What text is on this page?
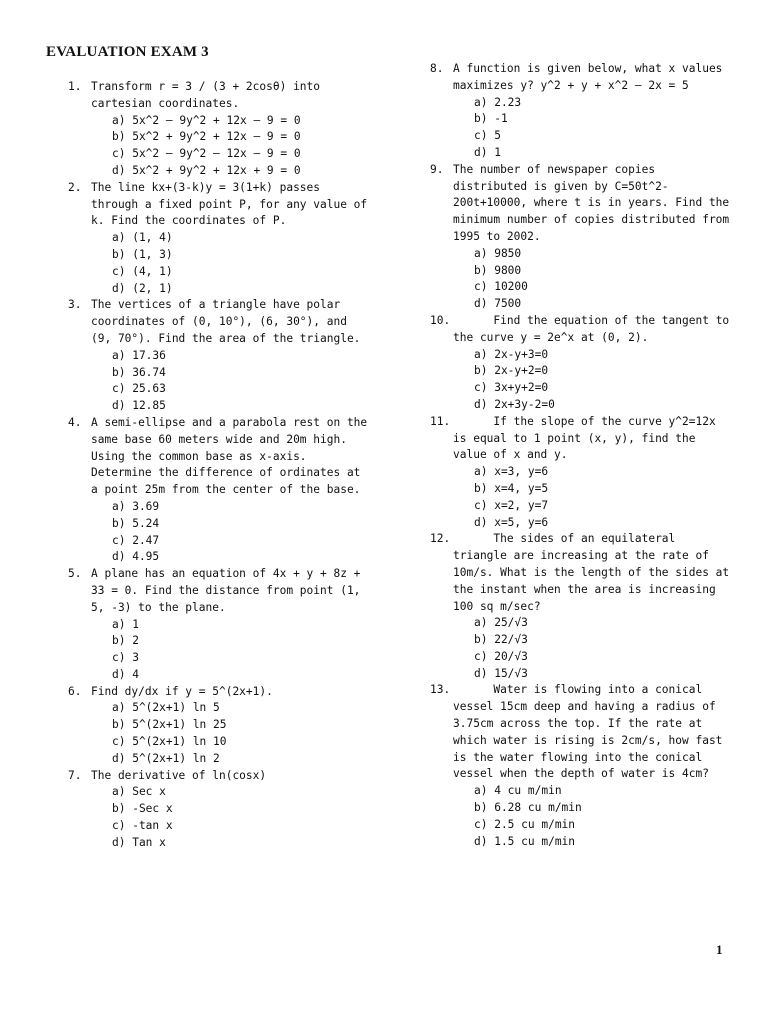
EVALUATION EXAM 3
1. Transform r = 3 / (3 + 2cosθ) into cartesian coordinates.
a) 5x^2 – 9y^2 + 12x – 9 = 0
b) 5x^2 + 9y^2 + 12x – 9 = 0
c) 5x^2 – 9y^2 – 12x – 9 = 0
d) 5x^2 + 9y^2 + 12x + 9 = 0
2. The line kx+(3-k)y = 3(1+k) passes through a fixed point P, for any value of k. Find the coordinates of P.
a) (1, 4)
b) (1, 3)
c) (4, 1)
d) (2, 1)
3. The vertices of a triangle have polar coordinates of (0, 10°), (6, 30°), and (9, 70°). Find the area of the triangle.
a) 17.36
b) 36.74
c) 25.63
d) 12.85
4. A semi-ellipse and a parabola rest on the same base 60 meters wide and 20m high. Using the common base as x-axis. Determine the difference of ordinates at a point 25m from the center of the base.
a) 3.69
b) 5.24
c) 2.47
d) 4.95
5. A plane has an equation of 4x + y + 8z + 33 = 0. Find the distance from point (1, 5, -3) to the plane.
a) 1
b) 2
c) 3
d) 4
6. Find dy/dx if y = 5^(2x+1).
a) 5^(2x+1) ln 5
b) 5^(2x+1) ln 25
c) 5^(2x+1) ln 10
d) 5^(2x+1) ln 2
7. The derivative of ln(cosx)
a) Sec x
b) -Sec x
c) -tan x
d) Tan x
8. A function is given below, what x values maximizes y? y^2 + y + x^2 – 2x = 5
a) 2.23
b) -1
c) 5
d) 1
9. The number of newspaper copies distributed is given by C=50t^2-200t+10000, where t is in years. Find the minimum number of copies distributed from 1995 to 2002.
a) 9850
b) 9800
c) 10200
d) 7500
10. Find the equation of the tangent to the curve y = 2e^x at (0, 2).
a) 2x-y+3=0
b) 2x-y+2=0
c) 3x+y+2=0
d) 2x+3y-2=0
11. If the slope of the curve y^2=12x is equal to 1 point (x, y), find the value of x and y.
a) x=3, y=6
b) x=4, y=5
c) x=2, y=7
d) x=5, y=6
12. The sides of an equilateral triangle are increasing at the rate of 10m/s. What is the length of the sides at the instant when the area is increasing 100 sq m/sec?
a) 25/√3
b) 22/√3
c) 20/√3
d) 15/√3
13. Water is flowing into a conical vessel 15cm deep and having a radius of 3.75cm across the top. If the rate at which water is rising is 2cm/s, how fast is the water flowing into the conical vessel when the depth of water is 4cm?
a) 4 cu m/min
b) 6.28 cu m/min
c) 2.5 cu m/min
d) 1.5 cu m/min
1
